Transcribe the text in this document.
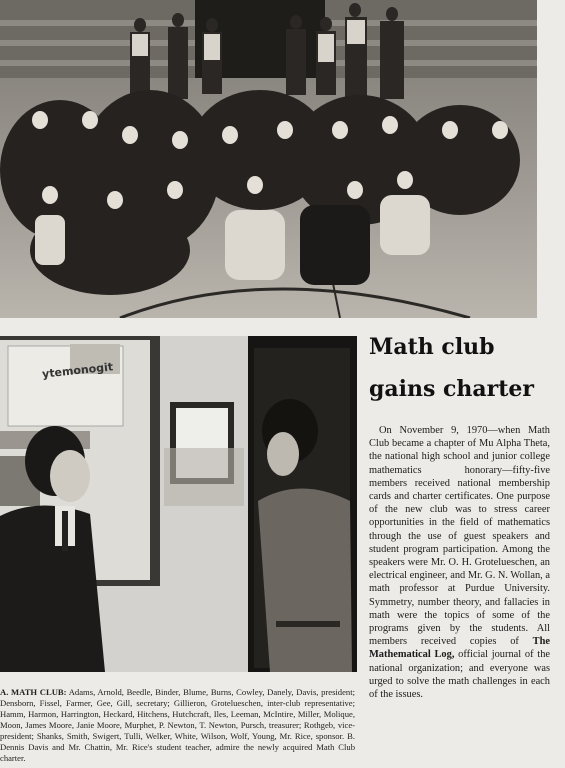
ytemonogit
Math club
gains charter
On November 9, 1970—when Math Club became a chapter of Mu Alpha Theta, the national high school and junior college mathematics honorary—fifty-five members received national membership cards and charter certificates. One purpose of the new club was to stress career opportunities in the field of mathematics through the use of guest speakers and student program participation. Among the speakers were Mr. O. H. Grotelueschen, an electrical engineer, and Mr. G. N. Wollan, a math professor at Purdue University. Symmetry, number theory, and fallacies in math were the topics of some of the programs given by the students. All members received copies of The Mathematical Log, official journal of the national organization; and everyone was urged to solve the math challenges in each of the issues.
A. MATH CLUB: Adams, Arnold, Beedle, Binder, Blume, Burns, Cowley, Danely, Davis, president; Densborn, Fissel, Farmer, Gee, Gill, secretary; Gillieron, Grotelueschen, inter-club representative; Hamm, Harmon, Harrington, Heckard, Hitchens, Hutchcraft, Iles, Leeman, McIntire, Miller, Molique, Moon, James Moore, Janie Moore, Murphet, P. Newton, T. Newton, Pursch, treasurer; Rothgeb, vice-president; Shanks, Smith, Swigert, Tulli, Welker, White, Wilson, Wolf, Young, Mr. Rice, sponsor. B. Dennis Davis and Mr. Chattin, Mr. Rice's student teacher, admire the newly acquired Math Club charter.
